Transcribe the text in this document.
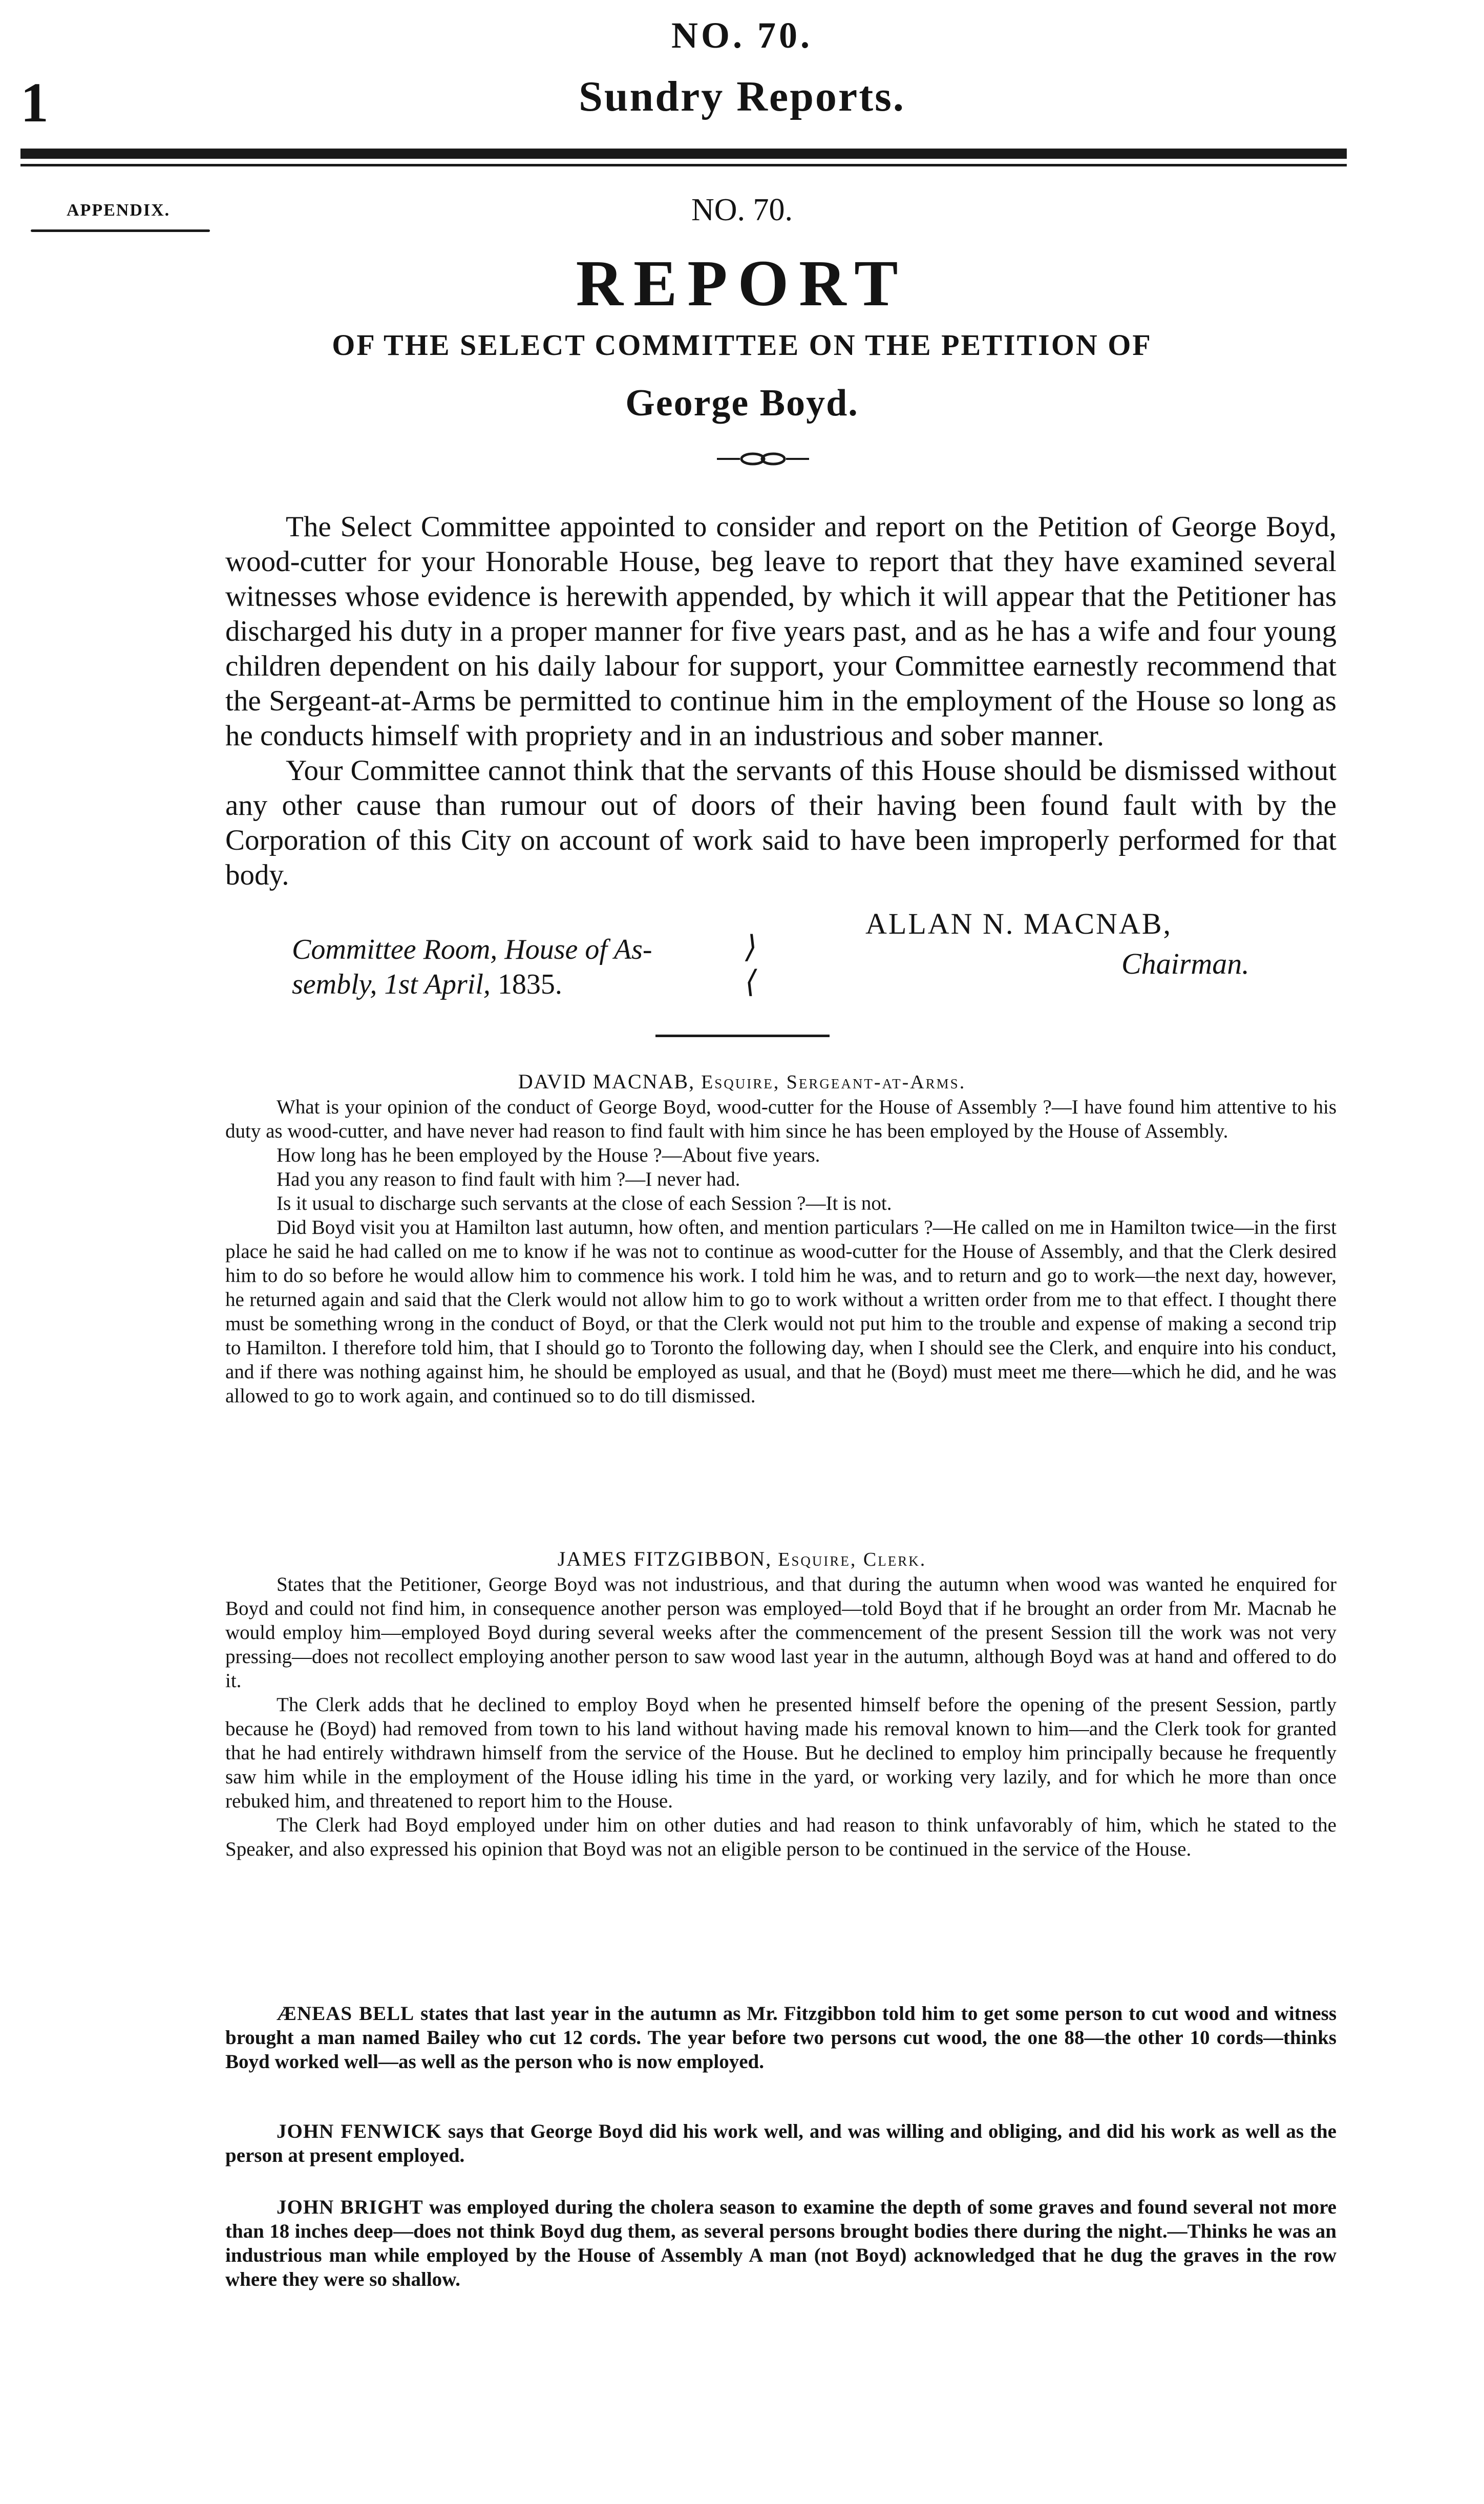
1
NO. 70.
Sundry Reports.
APPENDIX.	NO. 70.
REPORT
OF THE SELECT COMMITTEE ON THE PETITION OF
George Boyd.

The Select Committee appointed to consider and report on the Petition of George Boyd, wood-cutter for your Honorable House, beg leave to report that they have examined several witnesses whose evidence is herewith appended, by which it will appear that the Petitioner has discharged his duty in a proper manner for five years past, and as he has a wife and four young children dependent on his daily labour for support, your Committee earnestly recommend that the Sergeant-at-Arms be permitted to continue him in the employment of the House so long as he conducts himself with propriety and in an industrious and sober manner.

Your Committee cannot think that the servants of this House should be dismissed without any other cause than rumour out of doors of their having been found fault with by the Corporation of this City on account of work said to have been improperly performed for that body.

ALLAN N. MACNAB,
Chairman.
Committee Room, House of As-
sembly, 1st April, 1835.
⟩
⟨
DAVID MACNAB, Esquire, Sergeant-at-Arms.

What is your opinion of the conduct of George Boyd, wood-cutter for the House of Assembly ?—I have found him attentive to his duty as wood-cutter, and have never had reason to find fault with him since he has been employed by the House of Assembly.

How long has he been employed by the House ?—About five years.

Had you any reason to find fault with him ?—I never had.

Is it usual to discharge such servants at the close of each Session ?—It is not.

Did Boyd visit you at Hamilton last autumn, how often, and mention particulars ?—He called on me in Hamilton twice—in the first place he said he had called on me to know if he was not to continue as wood-cutter for the House of Assembly, and that the Clerk desired him to do so before he would allow him to commence his work. I told him he was, and to return and go to work—the next day, however, he returned again and said that the Clerk would not allow him to go to work without a written order from me to that effect. I thought there must be something wrong in the conduct of Boyd, or that the Clerk would not put him to the trouble and expense of making a second trip to Hamilton. I therefore told him, that I should go to Toronto the following day, when I should see the Clerk, and enquire into his conduct, and if there was nothing against him, he should be employed as usual, and that he (Boyd) must meet me there—which he did, and he was allowed to go to work again, and continued so to do till dismissed.

JAMES FITZGIBBON, Esquire, Clerk.

States that the Petitioner, George Boyd was not industrious, and that during the autumn when wood was wanted he enquired for Boyd and could not find him, in consequence another person was employed—told Boyd that if he brought an order from Mr. Macnab he would employ him—employed Boyd during several weeks after the commencement of the present Session till the work was not very pressing—does not recollect employing another person to saw wood last year in the autumn, although Boyd was at hand and offered to do it.

The Clerk adds that he declined to employ Boyd when he presented himself before the opening of the present Session, partly because he (Boyd) had removed from town to his land without having made his removal known to him—and the Clerk took for granted that he had entirely withdrawn himself from the service of the House. But he declined to employ him principally because he frequently saw him while in the employment of the House idling his time in the yard, or working very lazily, and for which he more than once rebuked him, and threatened to report him to the House.

The Clerk had Boyd employed under him on other duties and had reason to think unfavorably of him, which he stated to the Speaker, and also expressed his opinion that Boyd was not an eligible person to be continued in the service of the House.

ÆNEAS BELL states that last year in the autumn as Mr. Fitzgibbon told him to get some person to cut wood and witness brought a man named Bailey who cut 12 cords. The year before two persons cut wood, the one 88—the other 10 cords—thinks Boyd worked well—as well as the person who is now employed.

JOHN FENWICK says that George Boyd did his work well, and was willing and obliging, and did his work as well as the person at present employed.

JOHN BRIGHT was employed during the cholera season to examine the depth of some graves and found several not more than 18 inches deep—does not think Boyd dug them, as several persons brought bodies there during the night.—Thinks he was an industrious man while employed by the House of Assembly A man (not Boyd) acknowledged that he dug the graves in the row where they were so shallow.
